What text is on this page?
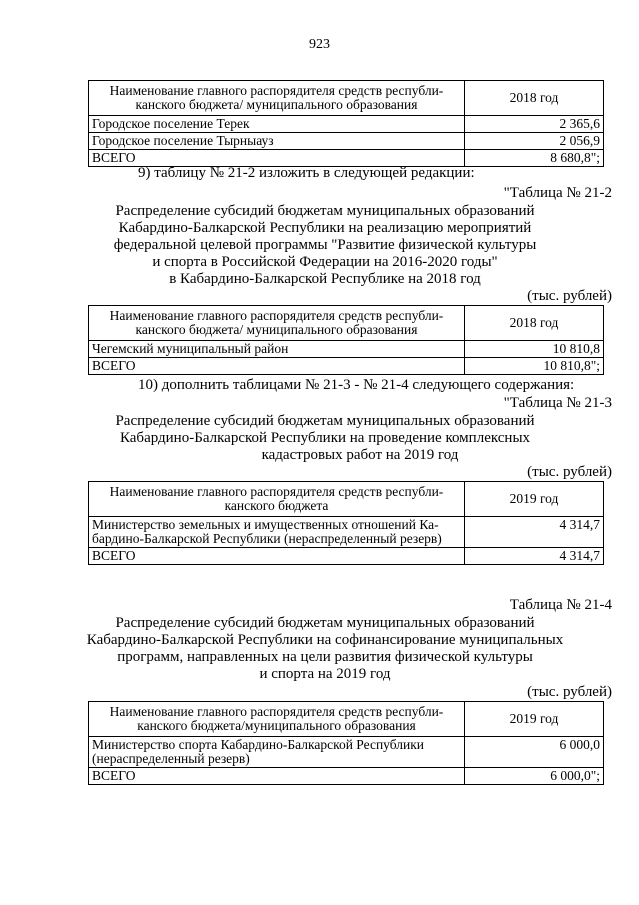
923
Наименование главного распорядителя средств республи-
канского бюджета/ муниципального образования	2018 год
Городское поселение Терек	2 365,6
Городское поселение Тырныауз	2 056,9
ВСЕГО	8 680,8";
9) таблицу № 21-2 изложить в следующей редакции:
"Таблица № 21-2
Распределение субсидий бюджетам муниципальных образований
Кабардино-Балкарской Республики на реализацию мероприятий
федеральной целевой программы "Развитие физической культуры
и спорта в Российской Федерации на 2016-2020 годы"
в Кабардино-Балкарской Республике на 2018 год
(тыс. рублей)
Наименование главного распорядителя средств республи-
канского бюджета/ муниципального образования	2018 год
Чегемский муниципальный район	10 810,8
ВСЕГО	10 810,8";
10) дополнить таблицами № 21-3 - № 21-4 следующего содержания:
"Таблица № 21-3
Распределение субсидий бюджетам муниципальных образований
Кабардино-Балкарской Республики на проведение комплексных
кадастровых работ на 2019 год
(тыс. рублей)
Наименование главного распорядителя средств республи-
канского бюджета	2019 год

Министерство земельных и имущественных отношений Ка-
бардино-Балкарской Республики (нераспределенный резерв)	4 314,7
ВСЕГО	4 314,7
Таблица № 21-4
Распределение субсидий бюджетам муниципальных образований
Кабардино-Балкарской Республики на софинансирование муниципальных
программ, направленных на цели развития физической культуры
и спорта на 2019 год
(тыс. рублей)
Наименование главного распорядителя средств республи-
канского бюджета/муниципального образования	2019 год

Министерство спорта Кабардино-Балкарской Республики
(нераспределенный резерв)	6 000,0
ВСЕГО	6 000,0";
